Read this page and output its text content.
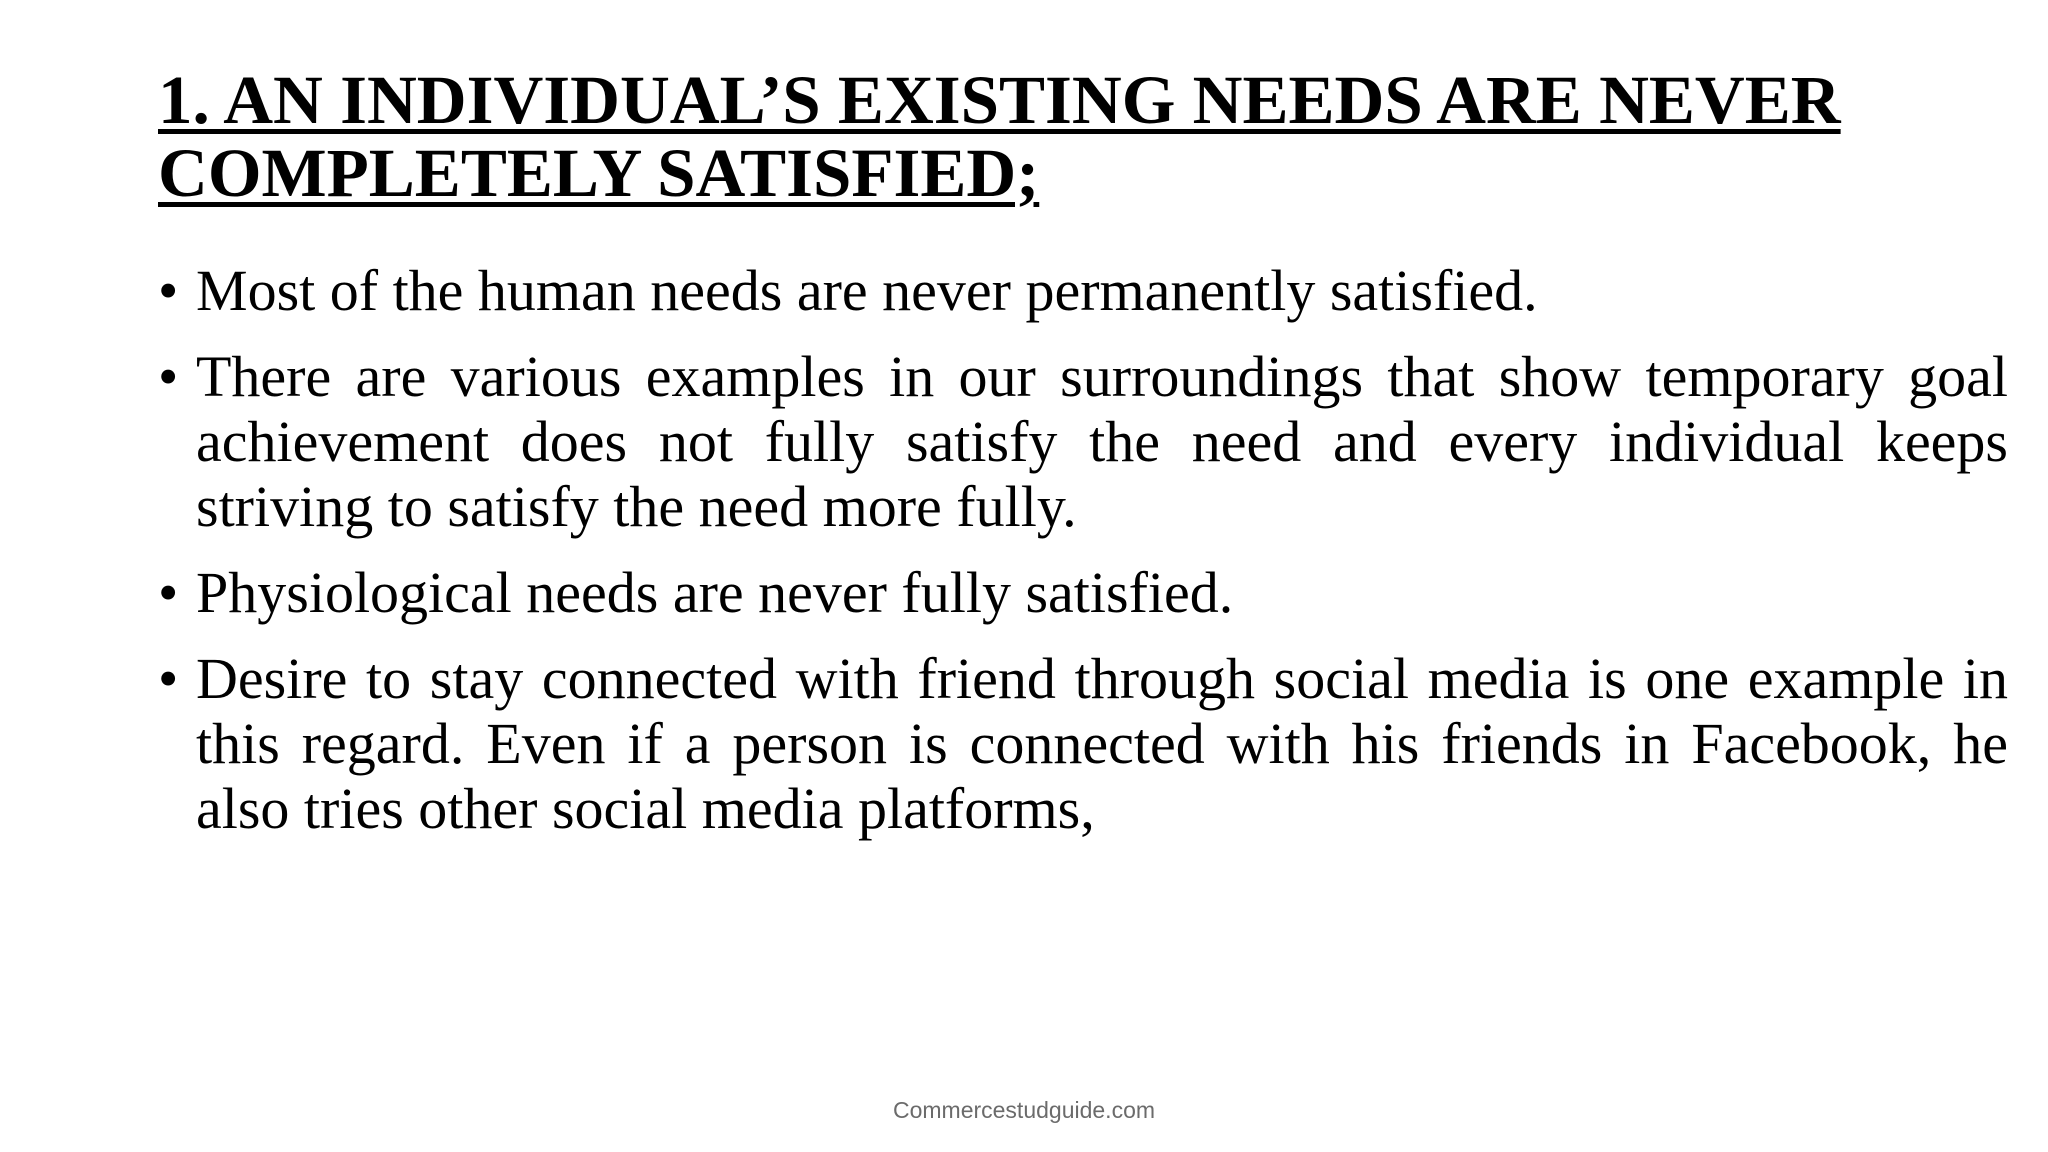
1. AN INDIVIDUAL’S EXISTING NEEDS ARE NEVER COMPLETELY SATISFIED;
• Most of the human needs are never permanently satisfied.
• There are various examples in our surroundings that show temporary goal achievement does not fully satisfy the need and every individual keeps striving to satisfy the need more fully.
• Physiological needs are never fully satisfied.
• Desire to stay connected with friend through social media is one example in this regard. Even if a person is connected with his friends in Facebook, he also tries other social media platforms,
Commercestudguide.com
